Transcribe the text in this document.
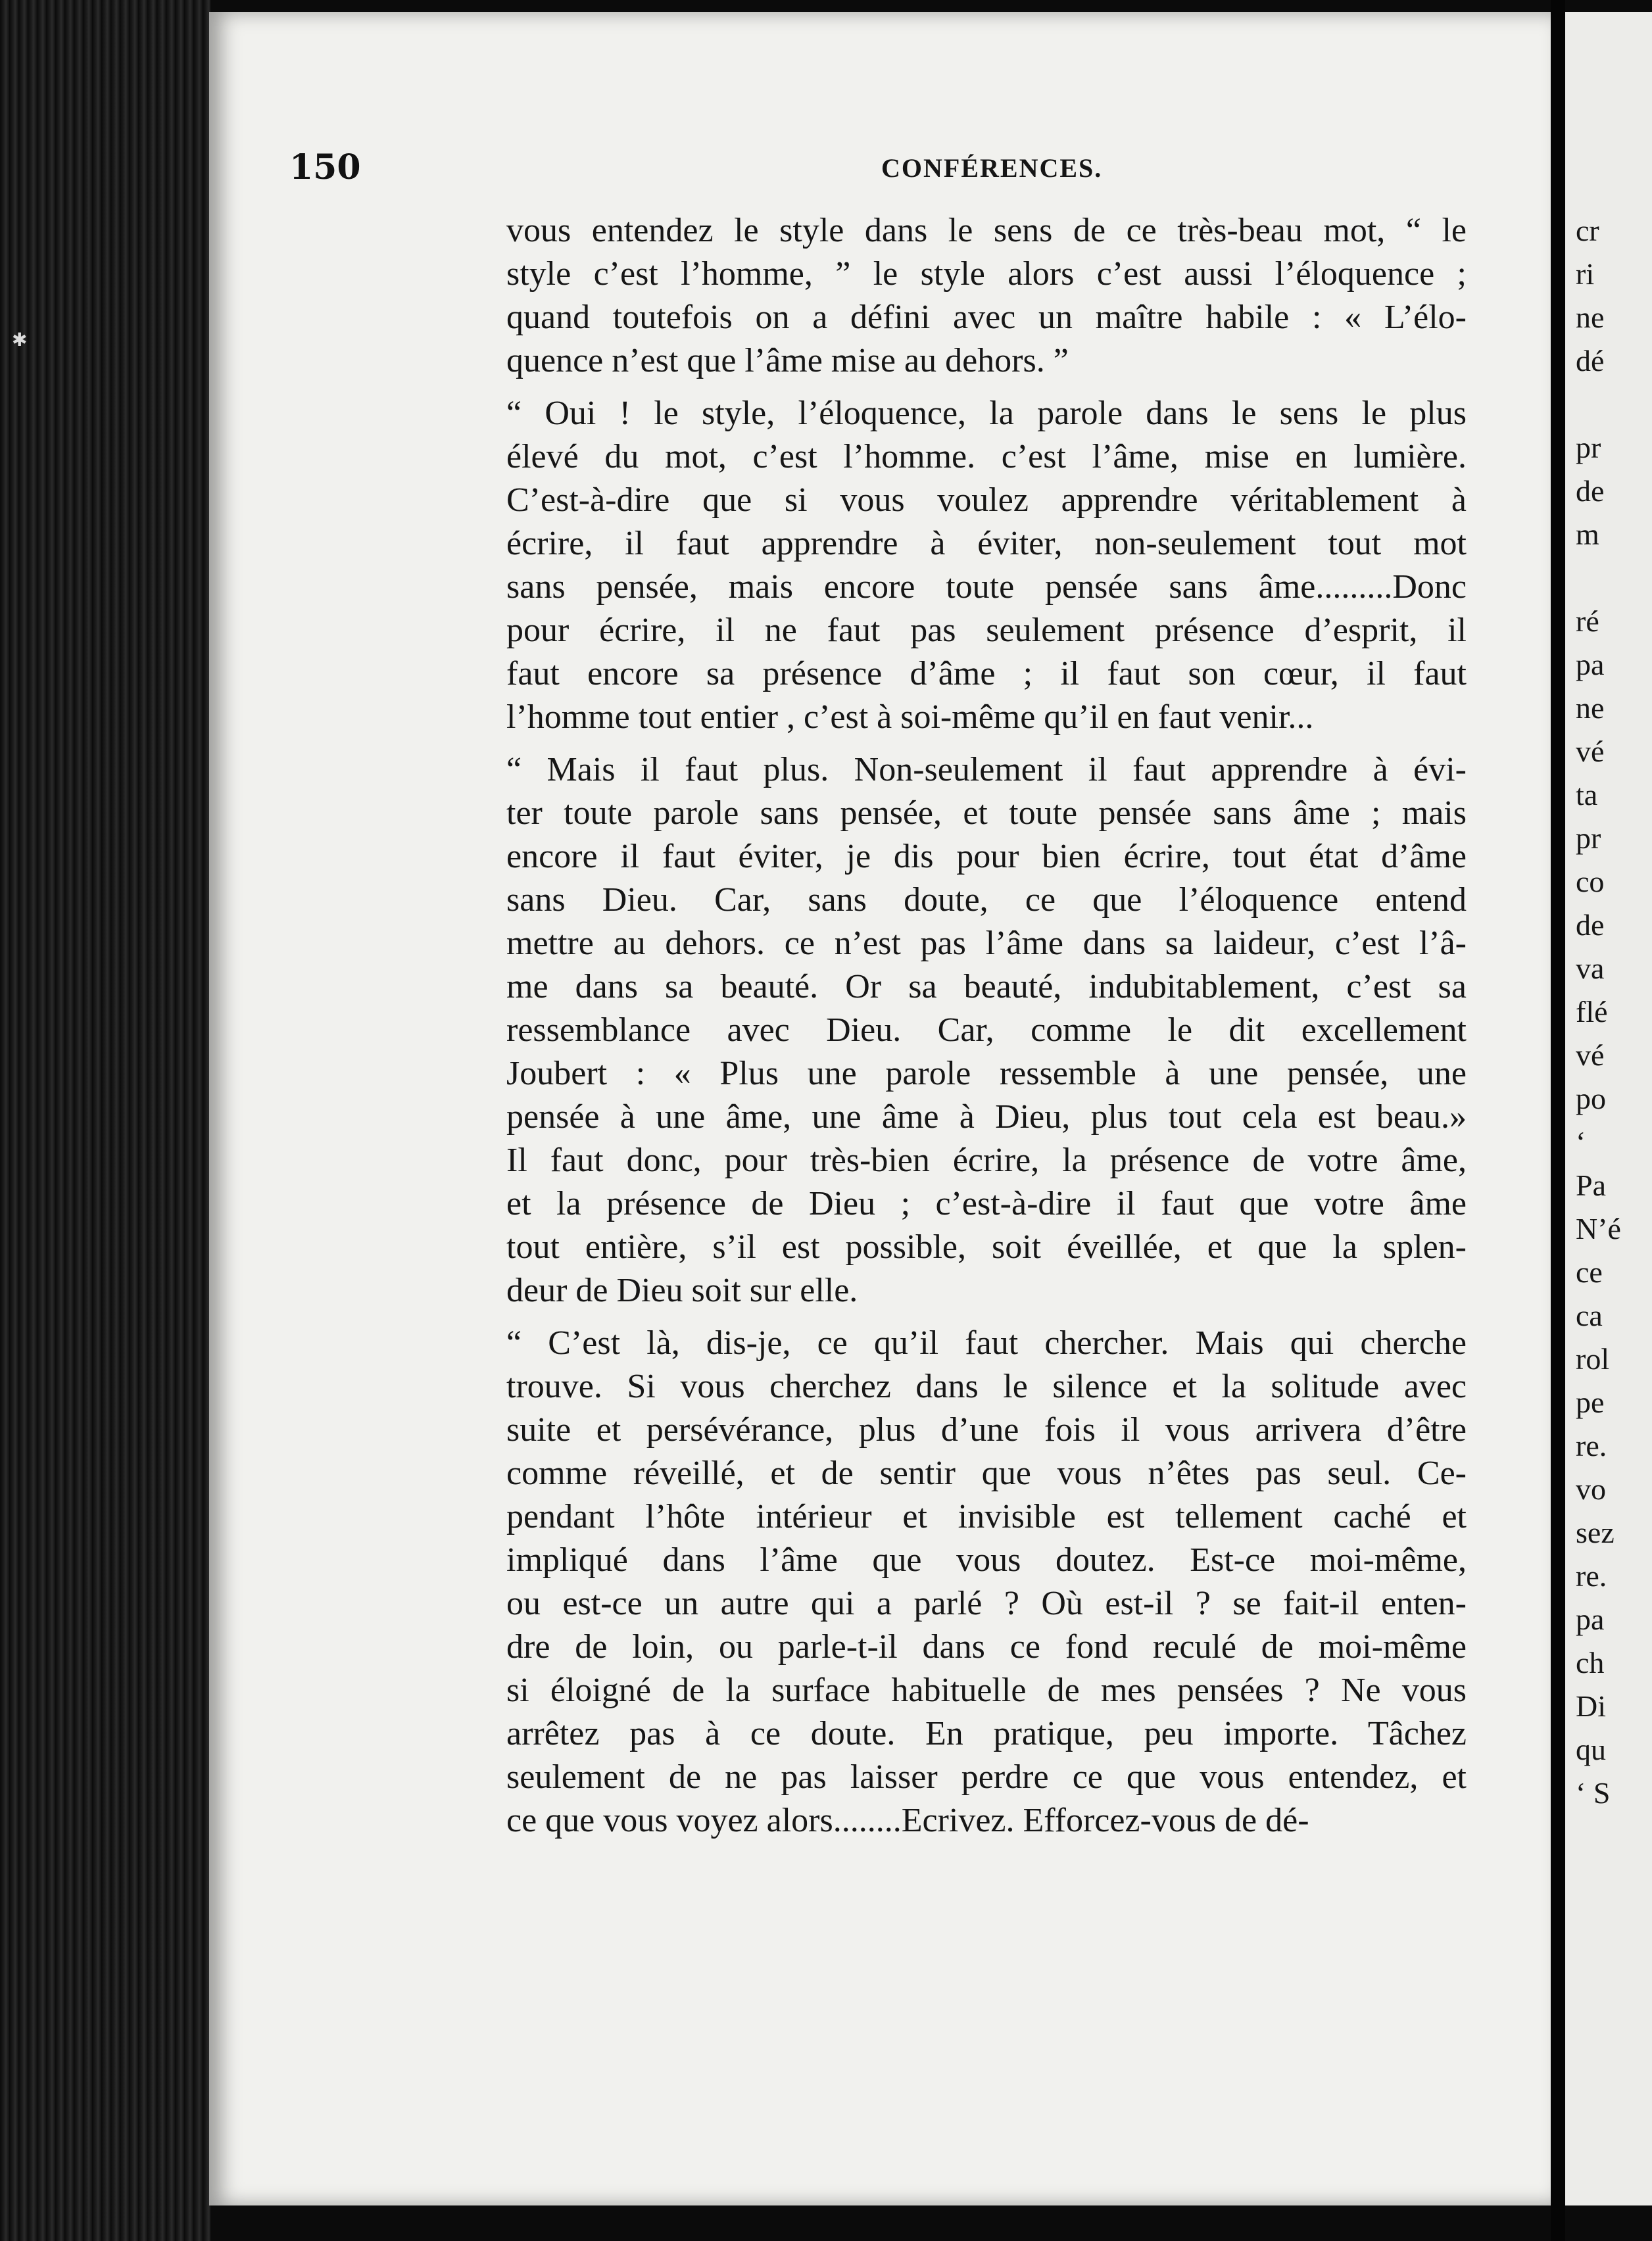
✱
150	CONFÉRENCES.
vous entendez le style dans le sens de ce très-beau mot, “ le
style c’est l’homme, ” le style alors c’est aussi l’éloquence ;
quand toutefois on a défini avec un maître habile : « L’élo-
quence n’est que l’âme mise au dehors. ”
“ Oui ! le style, l’éloquence, la parole dans le sens le plus
élevé du mot, c’est l’homme. c’est l’âme, mise en lumière.
C’est-à-dire que si vous voulez apprendre véritablement à
écrire, il faut apprendre à éviter, non-seulement tout mot
sans pensée, mais encore toute pensée sans âme.........Donc
pour écrire, il ne faut pas seulement présence d’esprit, il
faut encore sa présence d’âme ; il faut son cœur, il faut
l’homme tout entier , c’est à soi-même qu’il en faut venir...
“ Mais il faut plus. Non-seulement il faut apprendre à évi-
ter toute parole sans pensée, et toute pensée sans âme ; mais
encore il faut éviter, je dis pour bien écrire, tout état d’âme
sans Dieu. Car, sans doute, ce que l’éloquence entend
mettre au dehors. ce n’est pas l’âme dans sa laideur, c’est l’â-
me dans sa beauté. Or sa beauté, indubitablement, c’est sa
ressemblance avec Dieu. Car, comme le dit excellement
Joubert : « Plus une parole ressemble à une pensée, une
pensée à une âme, une âme à Dieu, plus tout cela est beau.»
Il faut donc, pour très-bien écrire, la présence de votre âme,
et la présence de Dieu ; c’est-à-dire il faut que votre âme
tout entière, s’il est possible, soit éveillée, et que la splen-
deur de Dieu soit sur elle.
“ C’est là, dis-je, ce qu’il faut chercher. Mais qui cherche
trouve. Si vous cherchez dans le silence et la solitude avec
suite et persévérance, plus d’une fois il vous arrivera d’être
comme réveillé, et de sentir que vous n’êtes pas seul. Ce-
pendant l’hôte intérieur et invisible est tellement caché et
impliqué dans l’âme que vous doutez. Est-ce moi-même,
ou est-ce un autre qui a parlé ? Où est-il ? se fait-il enten-
dre de loin, ou parle-t-il dans ce fond reculé de moi-même
si éloigné de la surface habituelle de mes pensées ? Ne vous
arrêtez pas à ce doute. En pratique, peu importe. Tâchez
seulement de ne pas laisser perdre ce que vous entendez, et
ce que vous voyez alors........Ecrivez. Efforcez-vous de dé-
cr
ri
ne
dé
pr
de
m
ré
pa
ne
vé
ta
pr
co
de
va
flé
vé
po
‘
Pa
N’é
ce
ca
rol
pe
re.
vo
sez
re.
pa
ch
Di
qu
‘ S
